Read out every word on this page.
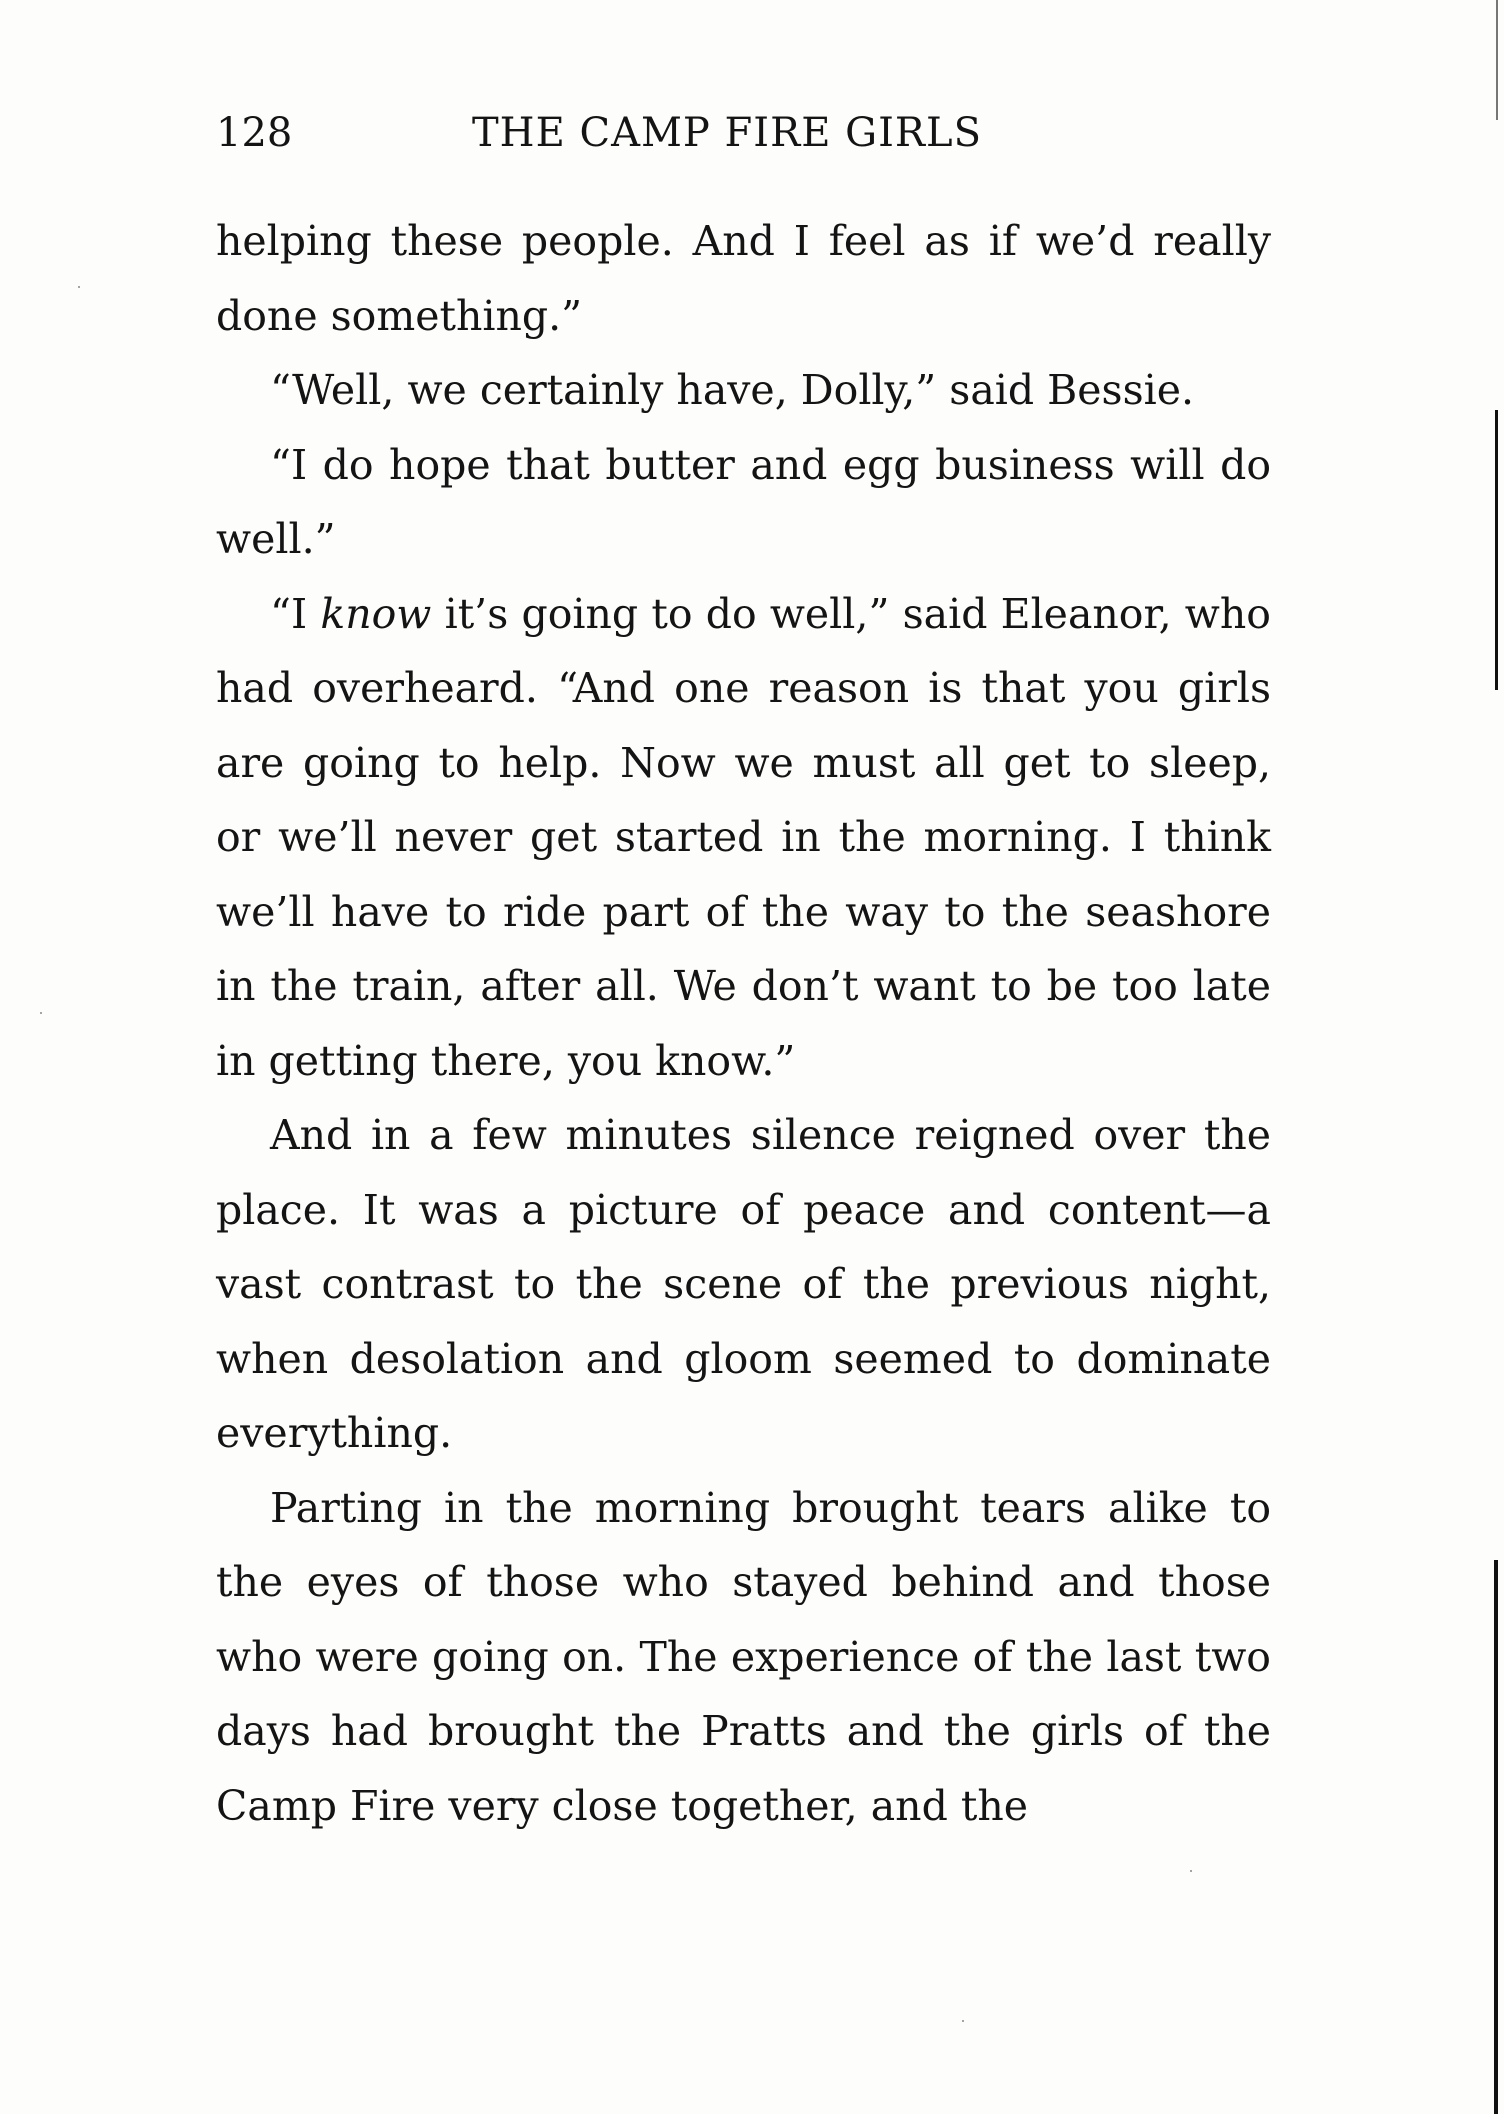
128	THE CAMP FIRE GIRLS

helping these people. And I feel as if we’d really done something.”

“Well, we certainly have, Dolly,” said Bessie.

“I do hope that butter and egg business will do well.”

“I know it’s going to do well,” said Eleanor, who had overheard. “And one reason is that you girls are going to help. Now we must all get to sleep, or we’ll never get started in the morning. I think we’ll have to ride part of the way to the seashore in the train, after all. We don’t want to be too late in getting there, you know.”

And in a few minutes silence reigned over the place. It was a picture of peace and content—a vast contrast to the scene of the previous night, when desolation and gloom seemed to dominate everything.

Parting in the morning brought tears alike to the eyes of those who stayed behind and those who were going on. The experience of the last two days had brought the Pratts and the girls of the Camp Fire very close together, and the
